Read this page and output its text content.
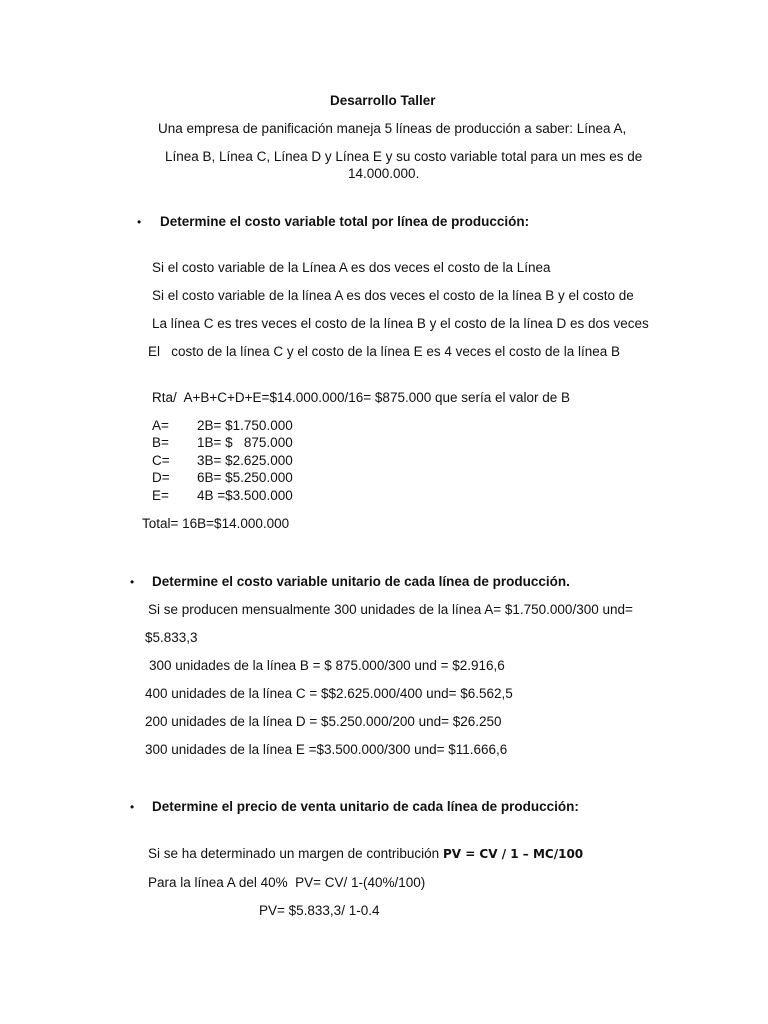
Desarrollo Taller
Una empresa de panificación maneja 5 líneas de producción a saber: Línea A,
Línea B, Línea C, Línea D y Línea E y su costo variable total para un mes es de
14.000.000.
• Determine el costo variable total por línea de producción:
Si el costo variable de la Línea A es dos veces el costo de la Línea
Si el costo variable de la línea A es dos veces el costo de la línea B y el costo de
La línea C es tres veces el costo de la línea B y el costo de la línea D es dos veces
El   costo de la línea C y el costo de la línea E es 4 veces el costo de la línea B
Rta/  A+B+C+D+E=$14.000.000/16= $875.000 que sería el valor de B
A= 2B= $1.750.000
B= 1B= $   875.000
C= 3B= $2.625.000
D= 6B= $5.250.000
E= 4B =$3.500.000
Total= 16B=$14.000.000
• Determine el costo variable unitario de cada línea de producción.
Si se producen mensualmente 300 unidades de la línea A= $1.750.000/300 und=
$5.833,3
300 unidades de la línea B = $ 875.000/300 und = $2.916,6
400 unidades de la línea C = $$2.625.000/400 und= $6.562,5
200 unidades de la línea D = $5.250.000/200 und= $26.250
300 unidades de la línea E =$3.500.000/300 und= $11.666,6
• Determine el precio de venta unitario de cada línea de producción:
Si se ha determinado un margen de contribución PV = CV / 1 – MC/100
Para la línea A del 40%  PV= CV/ 1-(40%/100)
PV= $5.833,3/ 1-0.4
